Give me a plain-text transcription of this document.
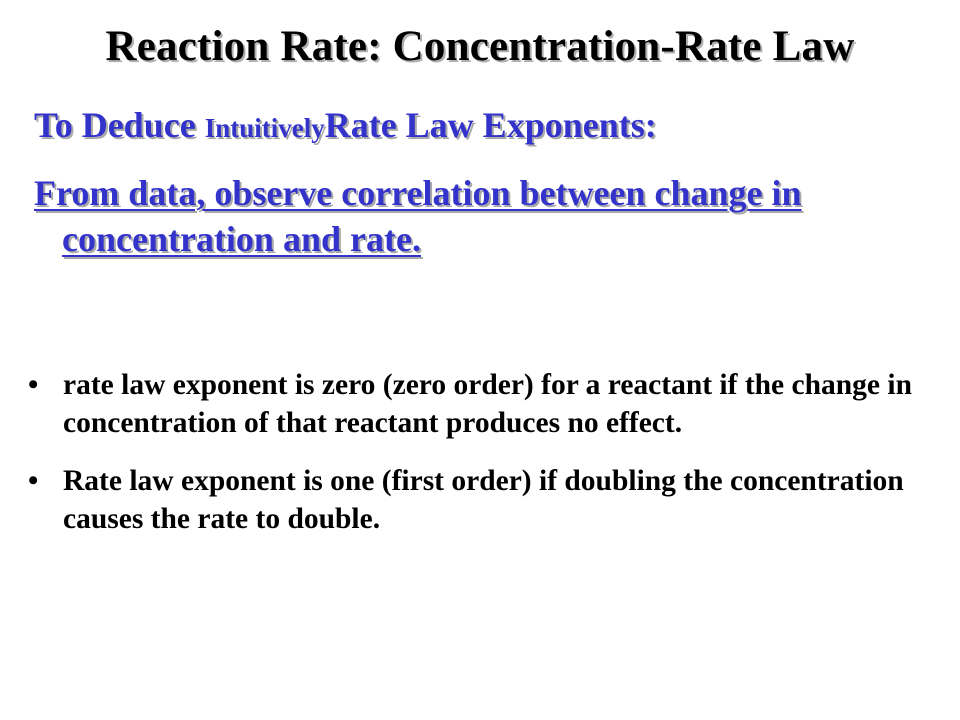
Reaction Rate: Concentration-Rate Law
To Deduce IntuitivelyRate Law Exponents:
From data, observe correlation between change in concentration and rate.
• rate law exponent is zero (zero order) for a reactant if the change in concentration of that reactant produces no effect.
• Rate law exponent is one (first order) if doubling the concentration causes the rate to double.
